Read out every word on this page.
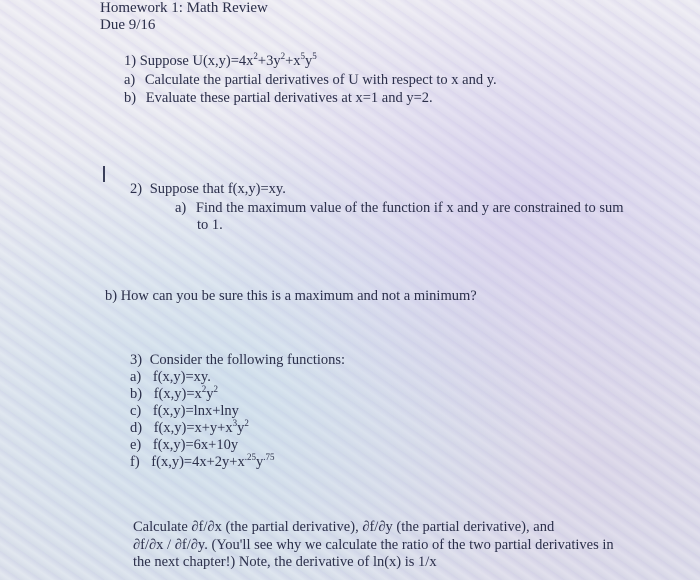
Homework 1: Math Review
Due 9/16
1) Suppose $U(x,y)=4x^2+3y^2+x^5y^5$
a) Calculate the partial derivatives of U with respect to x and y.
b) Evaluate these partial derivatives at x=1 and y=2.
2) Suppose that f(x,y)=xy.
a) Find the maximum value of the function if x and y are constrained to sum
to 1.
b) How can you be sure this is a maximum and not a minimum?
3) Consider the following functions:
a) f(x,y)=xy.
b) $f(x,y)=x^2y^2$
c) f(x,y)=lnx+lny
d) $f(x,y)=x+y+x^3y^2$
e) f(x,y)=6x+10y
f) $f(x,y)=4x+2y+x^{.25}y^{.75}$
Calculate ∂f/∂x (the partial derivative), ∂f/∂y (the partial derivative), and
∂f/∂x / ∂f/∂y. (You'll see why we calculate the ratio of the two partial derivatives in
the next chapter!) Note, the derivative of ln(x) is 1/x
